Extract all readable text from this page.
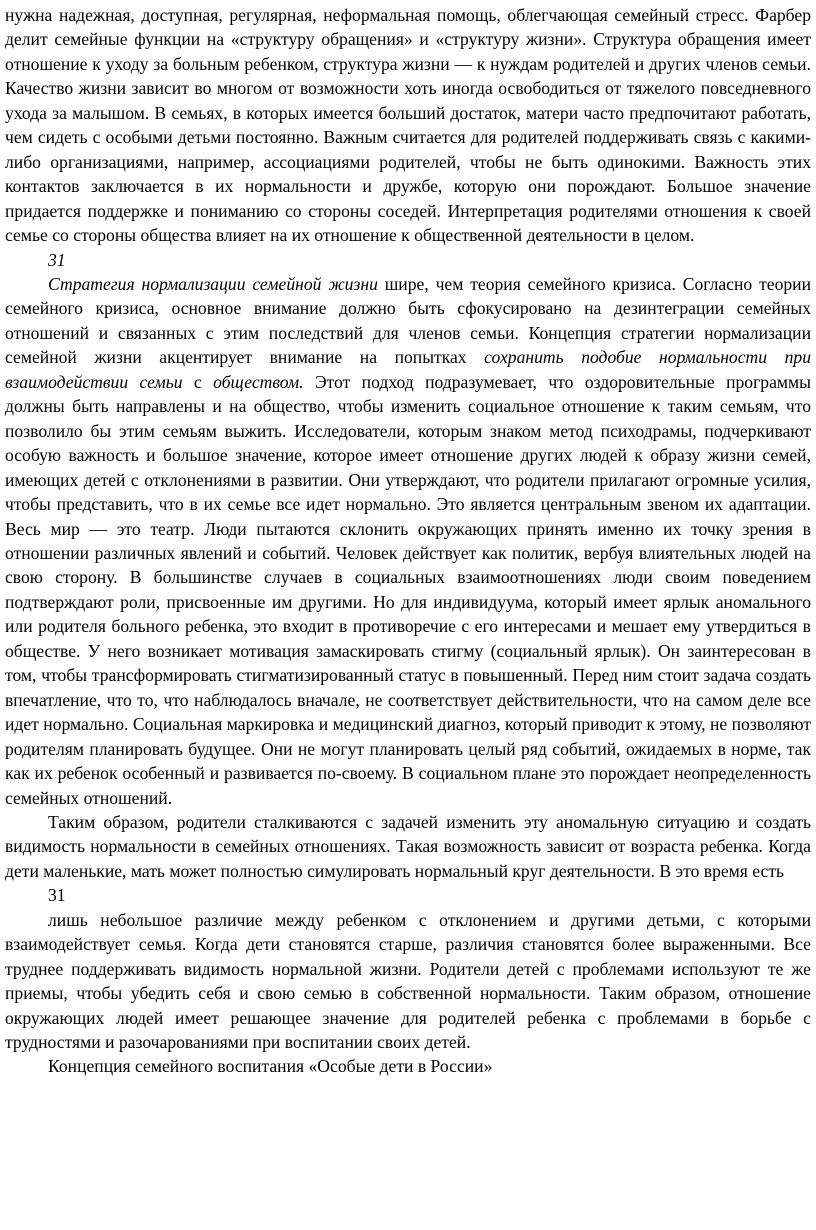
нужна надежная, доступная, регулярная, неформальная помощь, облегчающая семейный стресс. Фарбер делит семейные функции на «структуру обращения» и «структуру жизни». Структура обращения имеет отношение к уходу за больным ребенком, структура жизни — к нуждам родителей и других членов семьи. Качество жизни зависит во многом от возможности хоть иногда освободиться от тяжелого повседневного ухода за малышом. В семьях, в которых имеется больший достаток, матери часто предпочитают работать, чем сидеть с особыми детьми постоянно. Важным считается для родителей поддерживать связь с какими-либо организациями, например, ассоциациями родителей, чтобы не быть одинокими. Важность этих контактов заключается в их нормальности и дружбе, которую они порождают. Большое значение придается поддержке и пониманию со стороны соседей. Интерпретация родителями отношения к своей семье со стороны общества влияет на их отношение к общественной деятельности в целом.

31

Стратегия нормализации семейной жизни шире, чем теория семейного кризиса. Согласно теории семейного кризиса, основное внимание должно быть сфокусировано на дезинтеграции семейных отношений и связанных с этим последствий для членов семьи. Концепция стратегии нормализации семейной жизни акцентирует внимание на попытках сохранить подобие нормальности при взаимодействии семьи с обществом. Этот подход подразумевает, что оздоровительные программы должны быть направлены и на общество, чтобы изменить социальное отношение к таким семьям, что позволило бы этим семьям выжить. Исследователи, которым знаком метод психодрамы, подчеркивают особую важность и большое значение, которое имеет отношение других людей к образу жизни семей, имеющих детей с отклонениями в развитии. Они утверждают, что родители прилагают огромные усилия, чтобы представить, что в их семье все идет нормально. Это является центральным звеном их адаптации. Весь мир — это театр. Люди пытаются склонить окружающих принять именно их точку зрения в отношении различных явлений и событий. Человек действует как политик, вербуя влиятельных людей на свою сторону. В большинстве случаев в социальных взаимоотношениях люди своим поведением подтверждают роли, присвоенные им другими. Но для индивидуума, который имеет ярлык аномального или родителя больного ребенка, это входит в противоречие с его интересами и мешает ему утвердиться в обществе. У него возникает мотивация замаскировать стигму (социальный ярлык). Он заинтересован в том, чтобы трансформировать стигматизированный статус в повышенный. Перед ним стоит задача создать впечатление, что то, что наблюдалось вначале, не соответствует действительности, что на самом деле все идет нормально. Социальная маркировка и медицинский диагноз, который приводит к этому, не позволяют родителям планировать будущее. Они не могут планировать целый ряд событий, ожидаемых в норме, так как их ребенок особенный и развивается по-своему. В социальном плане это порождает неопределенность семейных отношений.

Таким образом, родители сталкиваются с задачей изменить эту аномальную ситуацию и создать видимость нормальности в семейных отношениях. Такая возможность зависит от возраста ребенка. Когда дети маленькие, мать может полностью симулировать нормальный круг деятельности. В это время есть

31

лишь небольшое различие между ребенком с отклонением и другими детьми, с которыми взаимодействует семья. Когда дети становятся старше, различия становятся более выраженными. Все труднее поддерживать видимость нормальной жизни. Родители детей с проблемами используют те же приемы, чтобы убедить себя и свою семью в собственной нормальности. Таким образом, отношение окружающих людей имеет решающее значение для родителей ребенка с проблемами в борьбе с трудностями и разочарованиями при воспитании своих детей.

Концепция семейного воспитания «Особые дети в России»
